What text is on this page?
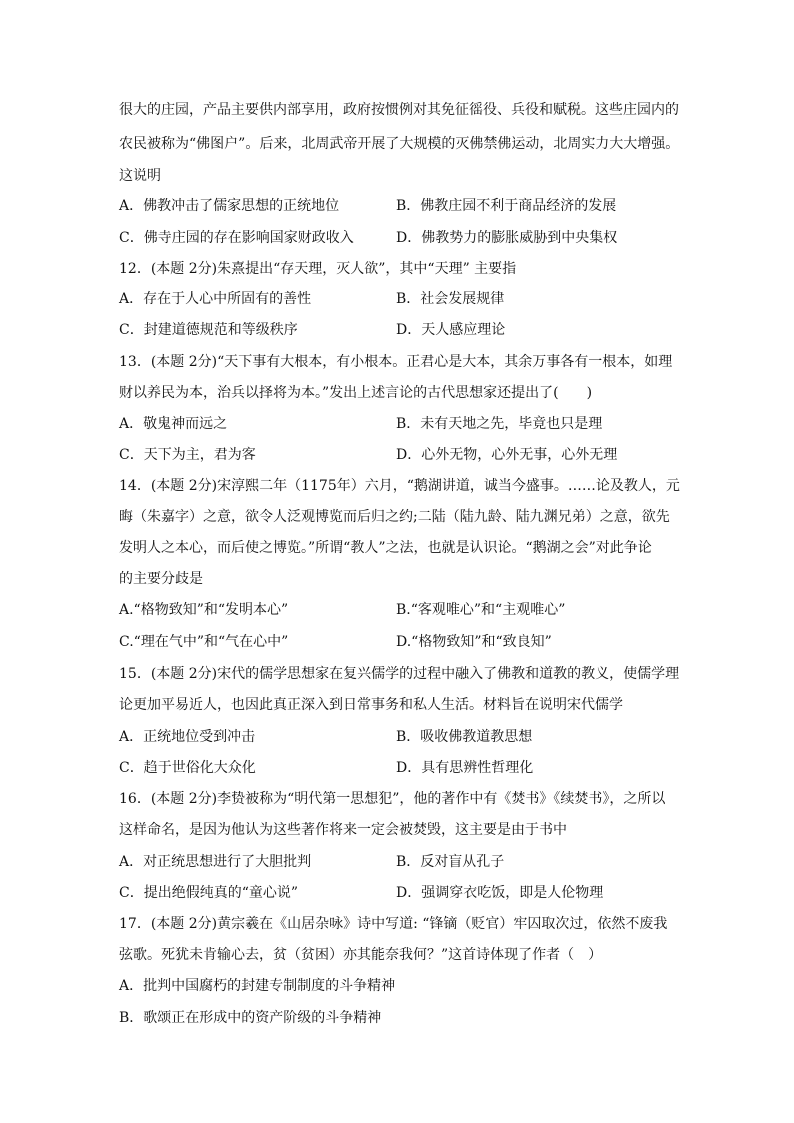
很大的庄园，产品主要供内部享用，政府按惯例对其免征徭役、兵役和赋税。这些庄园内的
农民被称为“佛图户”。后来，北周武帝开展了大规模的灭佛禁佛运动，北周实力大大增强。
这说明
A．佛教冲击了儒家思想的正统地位	B．佛教庄园不利于商品经济的发展
C．佛寺庄园的存在影响国家财政收入	D．佛教势力的膨胀威胁到中央集权
12．(本题 2分)朱熹提出“存天理，灭人欲”，其中“天理” 主要指
A．存在于人心中所固有的善性	B．社会发展规律
C．封建道德规范和等级秩序	D．天人感应理论
13．(本题 2分)“天下事有大根本，有小根本。正君心是大本，其余万事各有一根本，如理
财以养民为本，治兵以择将为本。”发出上述言论的古代思想家还提出了(　　)
A．敬鬼神而远之	B．未有天地之先，毕竟也只是理
C．天下为主，君为客	D．心外无物，心外无事，心外无理
14．(本题 2分)宋淳熙二年（1175年）六月，“鹅湖讲道，诚当今盛事。……论及教人，元
晦（朱嘉字）之意，欲令人泛观博览而后归之约;二陆（陆九龄、陆九渊兄弟）之意，欲先
发明人之本心，而后使之博览。”所谓“教人”之法，也就是认识论。“鹅湖之会”对此争论
的主要分歧是
A.“格物致知”和“发明本心”	B.“客观唯心”和“主观唯心”
C.“理在气中”和“气在心中”	D.“格物致知”和“致良知”
15．(本题 2分)宋代的儒学思想家在复兴儒学的过程中融入了佛教和道教的教义，使儒学理
论更加平易近人，也因此真正深入到日常事务和私人生活。材料旨在说明宋代儒学
A．正统地位受到冲击	B．吸收佛教道教思想
C．趋于世俗化大众化	D．具有思辨性哲理化
16．(本题 2分)李贽被称为“明代第一思想犯”，他的著作中有《焚书》《续焚书》，之所以
这样命名，是因为他认为这些著作将来一定会被焚毁，这主要是由于书中
A．对正统思想进行了大胆批判	B．反对盲从孔子
C．提出绝假纯真的“童心说”	D．强调穿衣吃饭，即是人伦物理
17．(本题 2分)黄宗羲在《山居杂咏》诗中写道: “锋镝（贬官）牢囚取次过，依然不废我
弦歌。死犹未肯输心去，贫（贫困）亦其能奈我何？”这首诗体现了作者（　）
A．批判中国腐朽的封建专制制度的斗争精神
B．歌颂正在形成中的资产阶级的斗争精神
